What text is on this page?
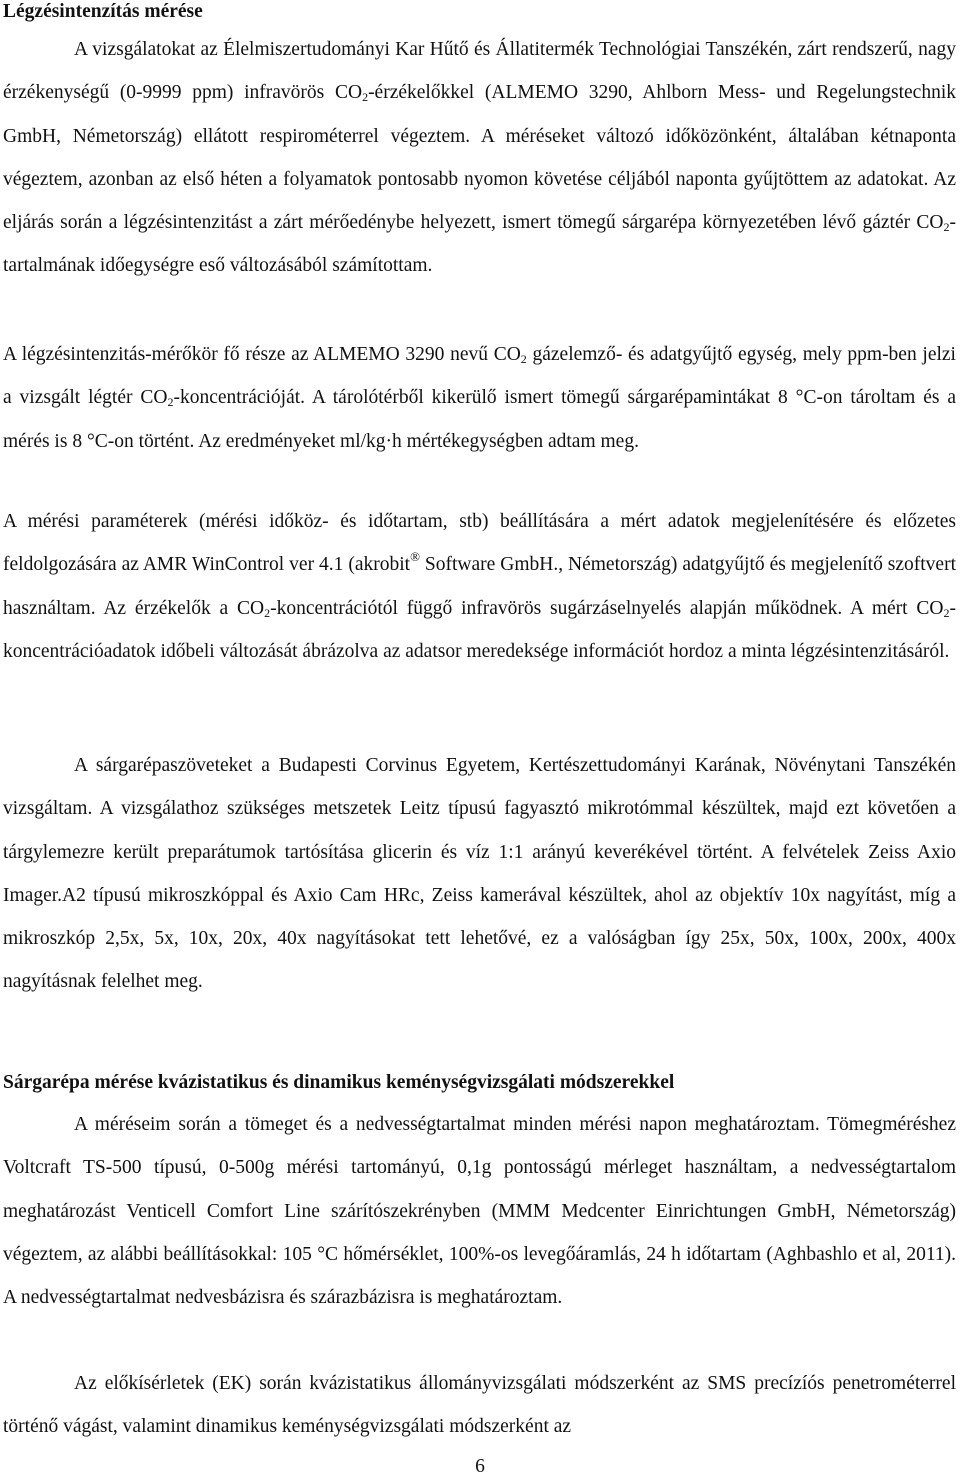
Légzésintenzítás mérése

A vizsgálatokat az Élelmiszertudományi Kar Hűtő és Állatitermék Technológiai Tanszékén, zárt rendszerű, nagy érzékenységű (0-9999 ppm) infravörös $CO_2$-érzékelőkkel (ALMEMO 3290, Ahlborn Mess- und Regelungstechnik GmbH, Németország) ellátott respirométerrel végeztem. A méréseket változó időközönként, általában kétnaponta végeztem, azonban az első héten a folyamatok pontosabb nyomon követése céljából naponta gyűjtöttem az adatokat. Az eljárás során a légzésintenzitást a zárt mérőedénybe helyezett, ismert tömegű sárgarépa környezetében lévő gáztér $CO_2$-tartalmának időegységre eső változásából számítottam.

A légzésintenzitás-mérőkör fő része az ALMEMO 3290 nevű $CO_2$ gázelemző- és adatgyűjtő egység, mely ppm-ben jelzi a vizsgált légtér $CO_2$-koncentrációját. A tárolótérből kikerülő ismert tömegű sárgarépamintákat 8 °C-on tároltam és a mérés is 8 °C-on történt. Az eredményeket ml/kg·h mértékegységben adtam meg.

A mérési paraméterek (mérési időköz- és időtartam, stb) beállítására a mért adatok megjelenítésére és előzetes feldolgozására az AMR WinControl ver 4.1 (akrobit® Software GmbH., Németország) adatgyűjtő és megjelenítő szoftvert használtam. Az érzékelők a $CO_2$-koncentrációtól függő infravörös sugárzáselnyelés alapján működnek. A mért $CO_2$-koncentrációadatok időbeli változását ábrázolva az adatsor meredeksége információt hordoz a minta légzésintenzitásáról.

A sárgarépaszöveteket a Budapesti Corvinus Egyetem, Kertészettudományi Karának, Növénytani Tanszékén vizsgáltam. A vizsgálathoz szükséges metszetek Leitz típusú fagyasztó mikrotómmal készültek, majd ezt követően a tárgylemezre került preparátumok tartósítása glicerin és víz 1:1 arányú keverékével történt. A felvételek Zeiss Axio Imager.A2 típusú mikroszkóppal és Axio Cam HRc, Zeiss kamerával készültek, ahol az objektív 10x nagyítást, míg a mikroszkóp 2,5x, 5x, 10x, 20x, 40x nagyításokat tett lehetővé, ez a valóságban így 25x, 50x, 100x, 200x, 400x nagyításnak felelhet meg.

Sárgarépa mérése kvázistatikus és dinamikus keménységvizsgálati módszerekkel

A méréseim során a tömeget és a nedvességtartalmat minden mérési napon meghatároztam. Tömegméréshez Voltcraft TS-500 típusú, 0-500g mérési tartományú, 0,1g pontosságú mérleget használtam, a nedvességtartalom meghatározást Venticell Comfort Line szárítószekrényben (MMM Medcenter Einrichtungen GmbH, Németország) végeztem, az alábbi beállításokkal: 105 °C hőmérséklet, 100%-os levegőáramlás, 24 h időtartam (Aghbashlo et al, 2011). A nedvességtartalmat nedvesbázisra és szárazbázisra is meghatároztam.

Az előkísérletek (EK) során kvázistatikus állományvizsgálati módszerként az SMS precízíós penetrométerrel történő vágást, valamint dinamikus keménységvizsgálati módszerként az

6
